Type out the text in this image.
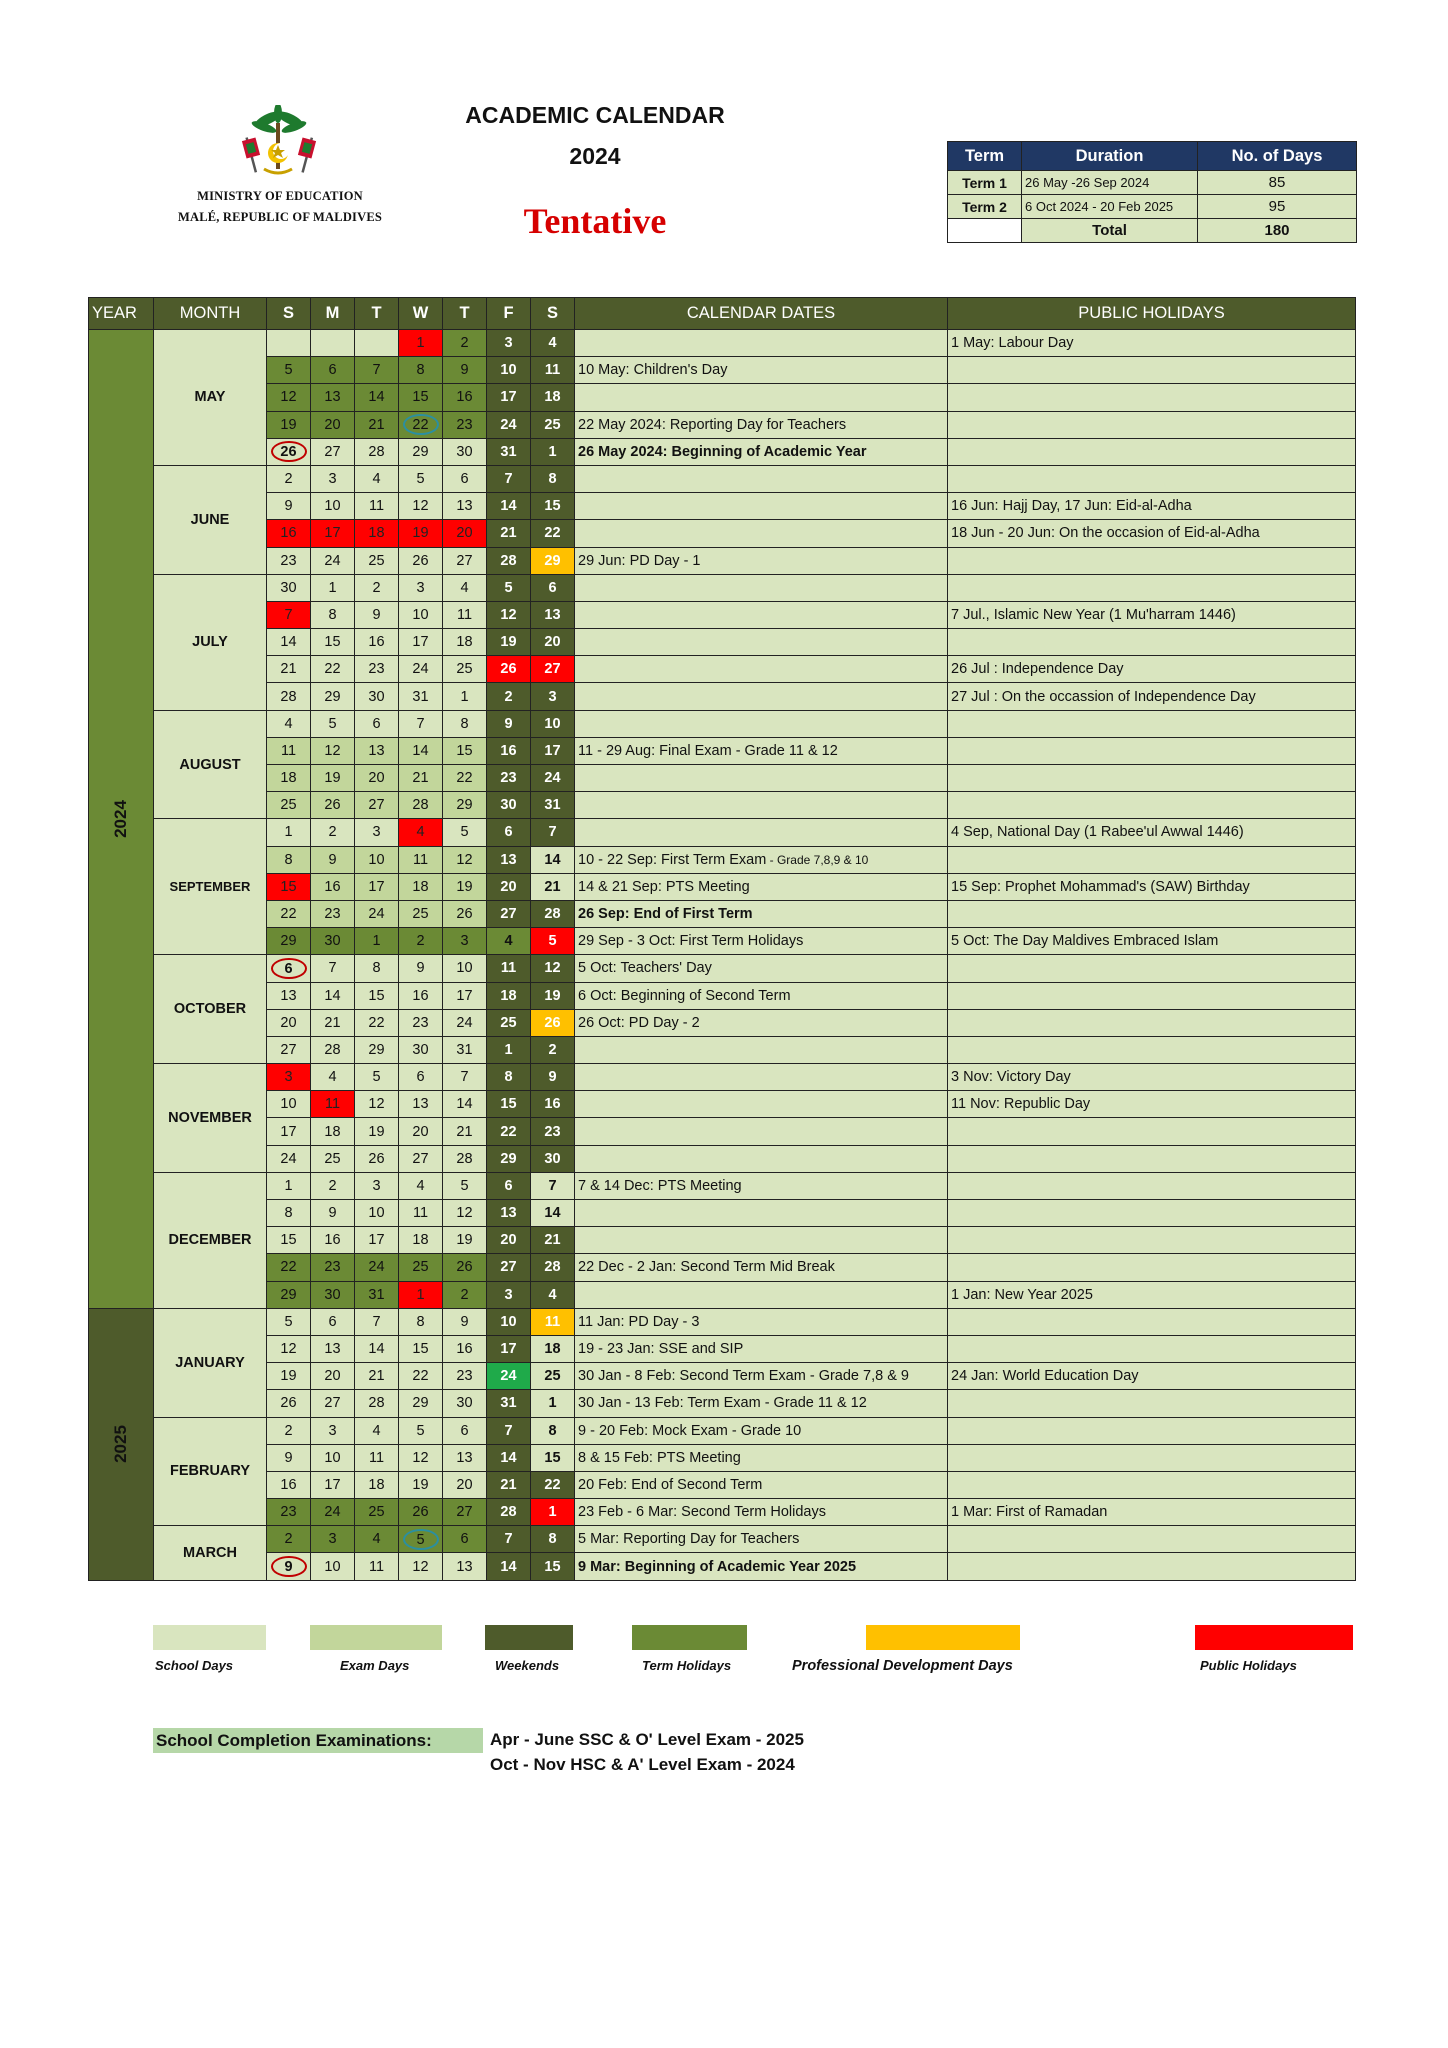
MINISTRY OF EDUCATION
MALÉ, REPUBLIC OF MALDIVES
ACADEMIC CALENDAR
2024
Tentative
Term	Duration	No. of Days
Term 1	26 May -26 Sep 2024	85
Term 2	6 Oct 2024 - 20 Feb 2025	95
	Total	180
YEAR	MONTH	S	M	T	W	T	F	S	CALENDAR DATES	PUBLIC HOLIDAYS
2024	MAY				1	2	3	4		1 May: Labour Day
		5	6	7	8	9	10	11	10 May: Children's Day	
		12	13	14	15	16	17	18		
		19	20	21	22	23	24	25	22 May 2024: Reporting Day for Teachers	
		26	27	28	29	30	31	1	26 May 2024: Beginning of Academic Year	
	JUNE	2	3	4	5	6	7	8		
		9	10	11	12	13	14	15		16 Jun: Hajj Day, 17 Jun: Eid-al-Adha
		16	17	18	19	20	21	22		18 Jun - 20 Jun: On the occasion of Eid-al-Adha
		23	24	25	26	27	28	29	29 Jun: PD Day - 1	
	JULY	30	1	2	3	4	5	6		
		7	8	9	10	11	12	13		7 Jul., Islamic New Year (1 Mu'harram 1446)
		14	15	16	17	18	19	20		
		21	22	23	24	25	26	27		26 Jul : Independence Day
		28	29	30	31	1	2	3		27 Jul : On the occassion of Independence Day
	AUGUST	4	5	6	7	8	9	10		
		11	12	13	14	15	16	17	11 - 29 Aug: Final Exam - Grade 11 & 12	
		18	19	20	21	22	23	24		
		25	26	27	28	29	30	31		
	SEPTEMBER	1	2	3	4	5	6	7		4 Sep, National Day (1 Rabee'ul Awwal 1446)
		8	9	10	11	12	13	14	10 - 22 Sep: First Term Exam - Grade 7,8,9 & 10	
		15	16	17	18	19	20	21	14 & 21 Sep: PTS Meeting	15 Sep: Prophet Mohammad's (SAW) Birthday
		22	23	24	25	26	27	28	26 Sep: End of First Term	
		29	30	1	2	3	4	5	29 Sep - 3 Oct: First Term Holidays	5 Oct: The Day Maldives Embraced Islam
	OCTOBER	6	7	8	9	10	11	12	5 Oct: Teachers' Day	
		13	14	15	16	17	18	19	6 Oct: Beginning of Second Term	
		20	21	22	23	24	25	26	26 Oct: PD Day - 2	
		27	28	29	30	31	1	2		
	NOVEMBER	3	4	5	6	7	8	9		3 Nov: Victory Day
		10	11	12	13	14	15	16		11 Nov: Republic Day
		17	18	19	20	21	22	23		
		24	25	26	27	28	29	30		
	DECEMBER	1	2	3	4	5	6	7	7 & 14 Dec: PTS Meeting	
		8	9	10	11	12	13	14		
		15	16	17	18	19	20	21		
		22	23	24	25	26	27	28	22 Dec - 2 Jan: Second Term Mid Break	
		29	30	31	1	2	3	4		1 Jan: New Year 2025
2025	JANUARY	5	6	7	8	9	10	11	11 Jan: PD Day - 3	
		12	13	14	15	16	17	18	19 - 23 Jan: SSE and SIP	
		19	20	21	22	23	24	25	30 Jan - 8 Feb: Second Term Exam - Grade 7,8 & 9	24 Jan: World Education Day
		26	27	28	29	30	31	1	30 Jan - 13 Feb: Term Exam - Grade 11 & 12	
	FEBRUARY	2	3	4	5	6	7	8	9 - 20 Feb: Mock Exam - Grade 10	
		9	10	11	12	13	14	15	8 & 15 Feb: PTS Meeting	
		16	17	18	19	20	21	22	20 Feb: End of Second Term	
		23	24	25	26	27	28	1	23 Feb - 6 Mar: Second Term Holidays	1 Mar: First of Ramadan
	MARCH	2	3	4	5	6	7	8	5 Mar: Reporting Day for Teachers	
		9	10	11	12	13	14	15	9 Mar: Beginning of Academic Year 2025	
School Days	Exam Days	Weekends	Term Holidays	Professional Development Days	Public Holidays
School Completion Examinations:	Apr - June SSC & O' Level Exam - 2025
Oct - Nov HSC & A' Level Exam - 2024
